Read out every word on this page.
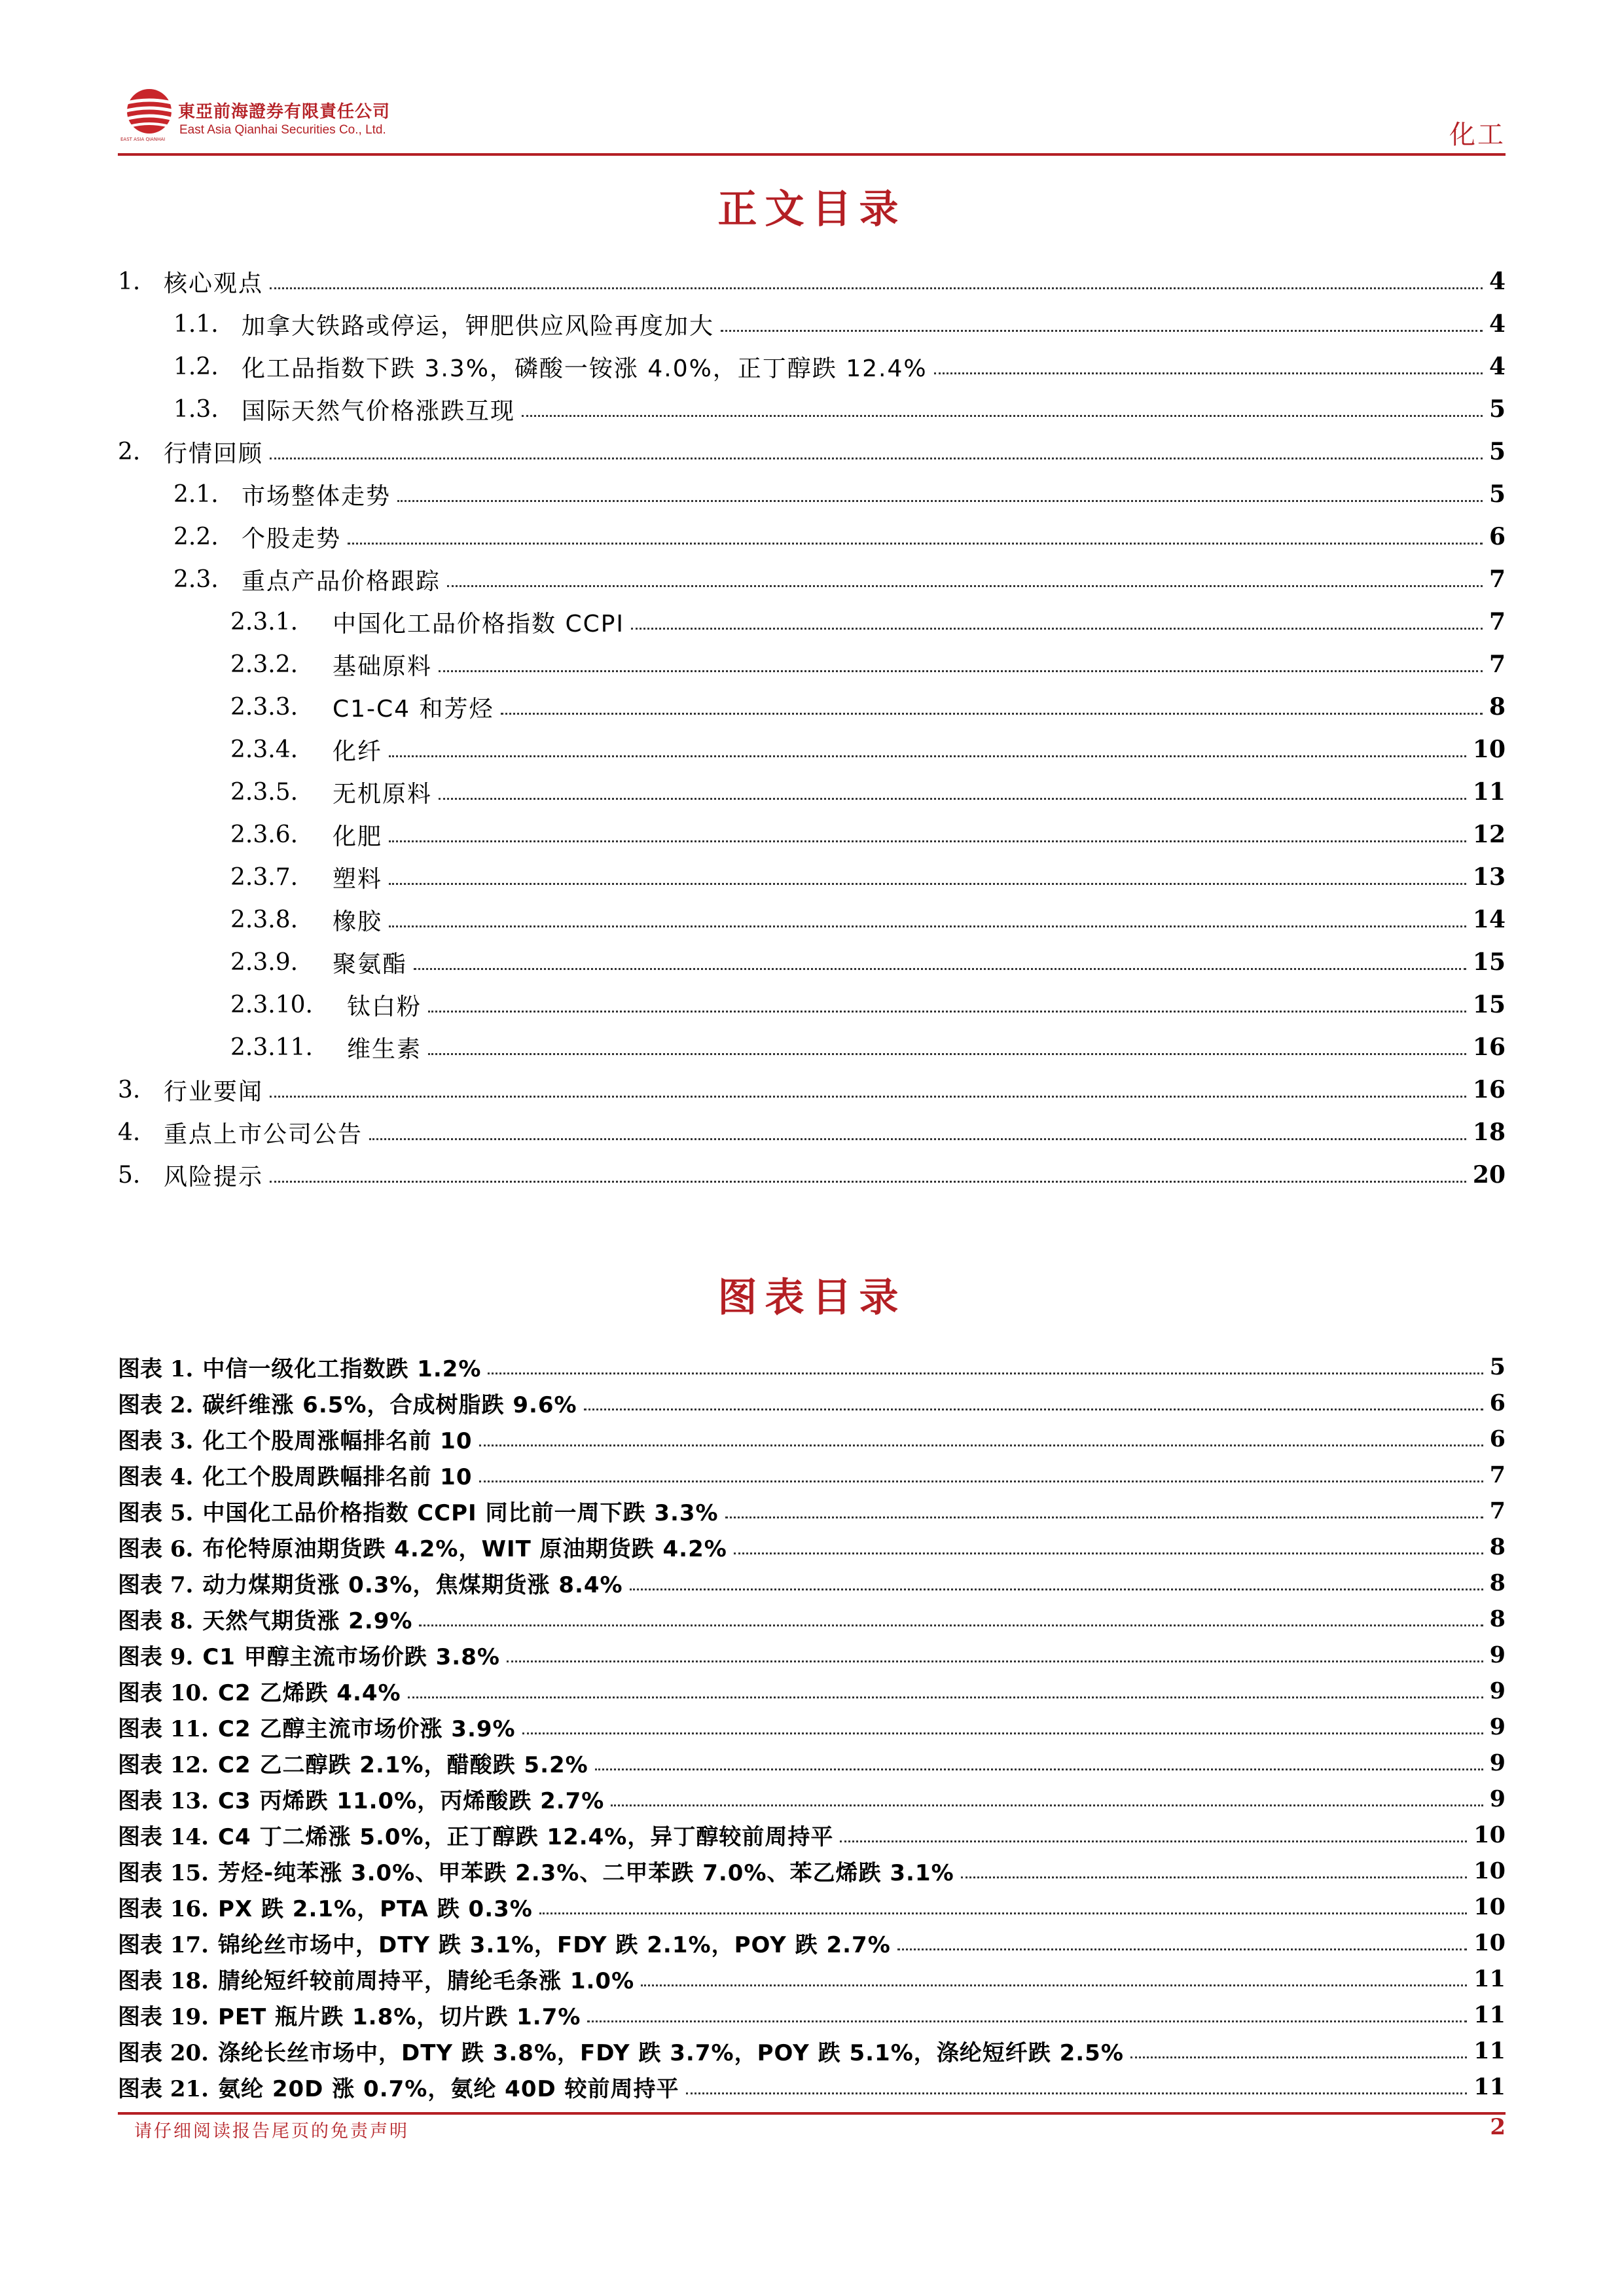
EAST ASIA QIANHAI
東亞前海證券有限責任公司
East Asia Qianhai Securities Co., Ltd.	化工
正文目录
1. 核心观点	4
1.1. 加拿大铁路或停运，钾肥供应风险再度加大	4
1.2. 化工品指数下跌 3.3%，磷酸一铵涨 4.0%，正丁醇跌 12.4%	4
1.3. 国际天然气价格涨跌互现	5
2. 行情回顾	5
2.1. 市场整体走势	5
2.2. 个股走势	6
2.3. 重点产品价格跟踪	7
2.3.1.	中国化工品价格指数 CCPI	7
2.3.2.	基础原料	7
2.3.3.	C1-C4 和芳烃	8
2.3.4.	化纤	10
2.3.5.	无机原料	11
2.3.6.	化肥	12
2.3.7.	塑料	13
2.3.8.	橡胶	14
2.3.9.	聚氨酯	15
2.3.10.	钛白粉	15
2.3.11.	维生素	16
3. 行业要闻	16
4. 重点上市公司公告	18
5. 风险提示	20
图表目录
图表 1. 中信一级化工指数跌 1.2%	5
图表 2. 碳纤维涨 6.5%，合成树脂跌 9.6%	6
图表 3. 化工个股周涨幅排名前 10	6
图表 4. 化工个股周跌幅排名前 10	7
图表 5. 中国化工品价格指数 CCPI 同比前一周下跌 3.3%	7
图表 6. 布伦特原油期货跌 4.2%，WIT 原油期货跌 4.2%	8
图表 7. 动力煤期货涨 0.3%，焦煤期货涨 8.4%	8
图表 8. 天然气期货涨 2.9%	8
图表 9. C1 甲醇主流市场价跌 3.8%	9
图表 10. C2 乙烯跌 4.4%	9
图表 11. C2 乙醇主流市场价涨 3.9%	9
图表 12. C2 乙二醇跌 2.1%，醋酸跌 5.2%	9
图表 13. C3 丙烯跌 11.0%，丙烯酸跌 2.7%	9
图表 14. C4 丁二烯涨 5.0%，正丁醇跌 12.4%，异丁醇较前周持平	10
图表 15. 芳烃-纯苯涨 3.0%、甲苯跌 2.3%、二甲苯跌 7.0%、苯乙烯跌 3.1%	10
图表 16. PX 跌 2.1%，PTA 跌 0.3%	10
图表 17. 锦纶丝市场中，DTY 跌 3.1%，FDY 跌 2.1%，POY 跌 2.7%	10
图表 18. 腈纶短纤较前周持平，腈纶毛条涨 1.0%	11
图表 19. PET 瓶片跌 1.8%，切片跌 1.7%	11
图表 20. 涤纶长丝市场中，DTY 跌 3.8%，FDY 跌 3.7%，POY 跌 5.1%，涤纶短纤跌 2.5%	11
图表 21. 氨纶 20D 涨 0.7%，氨纶 40D 较前周持平	11
请仔细阅读报告尾页的免责声明	2
